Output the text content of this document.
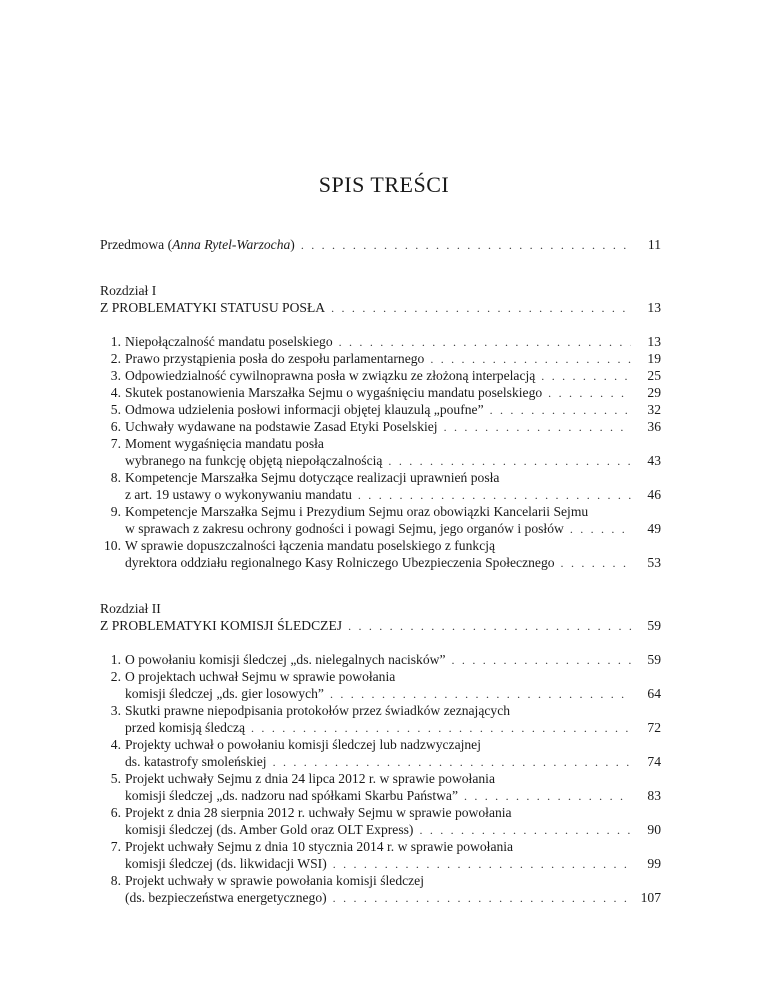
SPIS TREŚCI
Przedmowa (Anna Rytel-Warzocha) . . .	11
Rozdział I
Z PROBLEMATYKI STATUSU POSŁA . . .	13
1. Niepołączalność mandatu poselskiego . . .	13
2. Prawo przystąpienia posła do zespołu parlamentarnego . . .	19
3. Odpowiedzialność cywilnoprawna posła w związku ze złożoną interpelacją . . .	25
4. Skutek postanowienia Marszałka Sejmu o wygaśnięciu mandatu poselskiego . . .	29
5. Odmowa udzielenia posłowi informacji objętej klauzulą „poufne” . . .	32
6. Uchwały wydawane na podstawie Zasad Etyki Poselskiej . . .	36
7. Moment wygaśnięcia mandatu posła
wybranego na funkcję objętą niepołączalnością . . .	43
8. Kompetencje Marszałka Sejmu dotyczące realizacji uprawnień posła
z art. 19 ustawy o wykonywaniu mandatu . . .	46
9. Kompetencje Marszałka Sejmu i Prezydium Sejmu oraz obowiązki Kancelarii Sejmu
w sprawach z zakresu ochrony godności i powagi Sejmu, jego organów i posłów . . .	49
10. W sprawie dopuszczalności łączenia mandatu poselskiego z funkcją
dyrektora oddziału regionalnego Kasy Rolniczego Ubezpieczenia Społecznego . . .	53
Rozdział II
Z PROBLEMATYKI KOMISJI ŚLEDCZEJ . . .	59
1. O powołaniu komisji śledczej „ds. nielegalnych nacisków” . . .	59
2. O projektach uchwał Sejmu w sprawie powołania
komisji śledczej „ds. gier losowych” . . .	64
3. Skutki prawne niepodpisania protokołów przez świadków zeznających
przed komisją śledczą . . .	72
4. Projekty uchwał o powołaniu komisji śledczej lub nadzwyczajnej
ds. katastrofy smoleńskiej . . .	74
5. Projekt uchwały Sejmu z dnia 24 lipca 2012 r. w sprawie powołania
komisji śledczej „ds. nadzoru nad spółkami Skarbu Państwa” . . .	83
6. Projekt z dnia 28 sierpnia 2012 r. uchwały Sejmu w sprawie powołania
komisji śledczej (ds. Amber Gold oraz OLT Express) . . .	90
7. Projekt uchwały Sejmu z dnia 10 stycznia 2014 r. w sprawie powołania
komisji śledczej (ds. likwidacji WSI) . . .	99
8. Projekt uchwały w sprawie powołania komisji śledczej
(ds. bezpieczeństwa energetycznego) . . .	107
